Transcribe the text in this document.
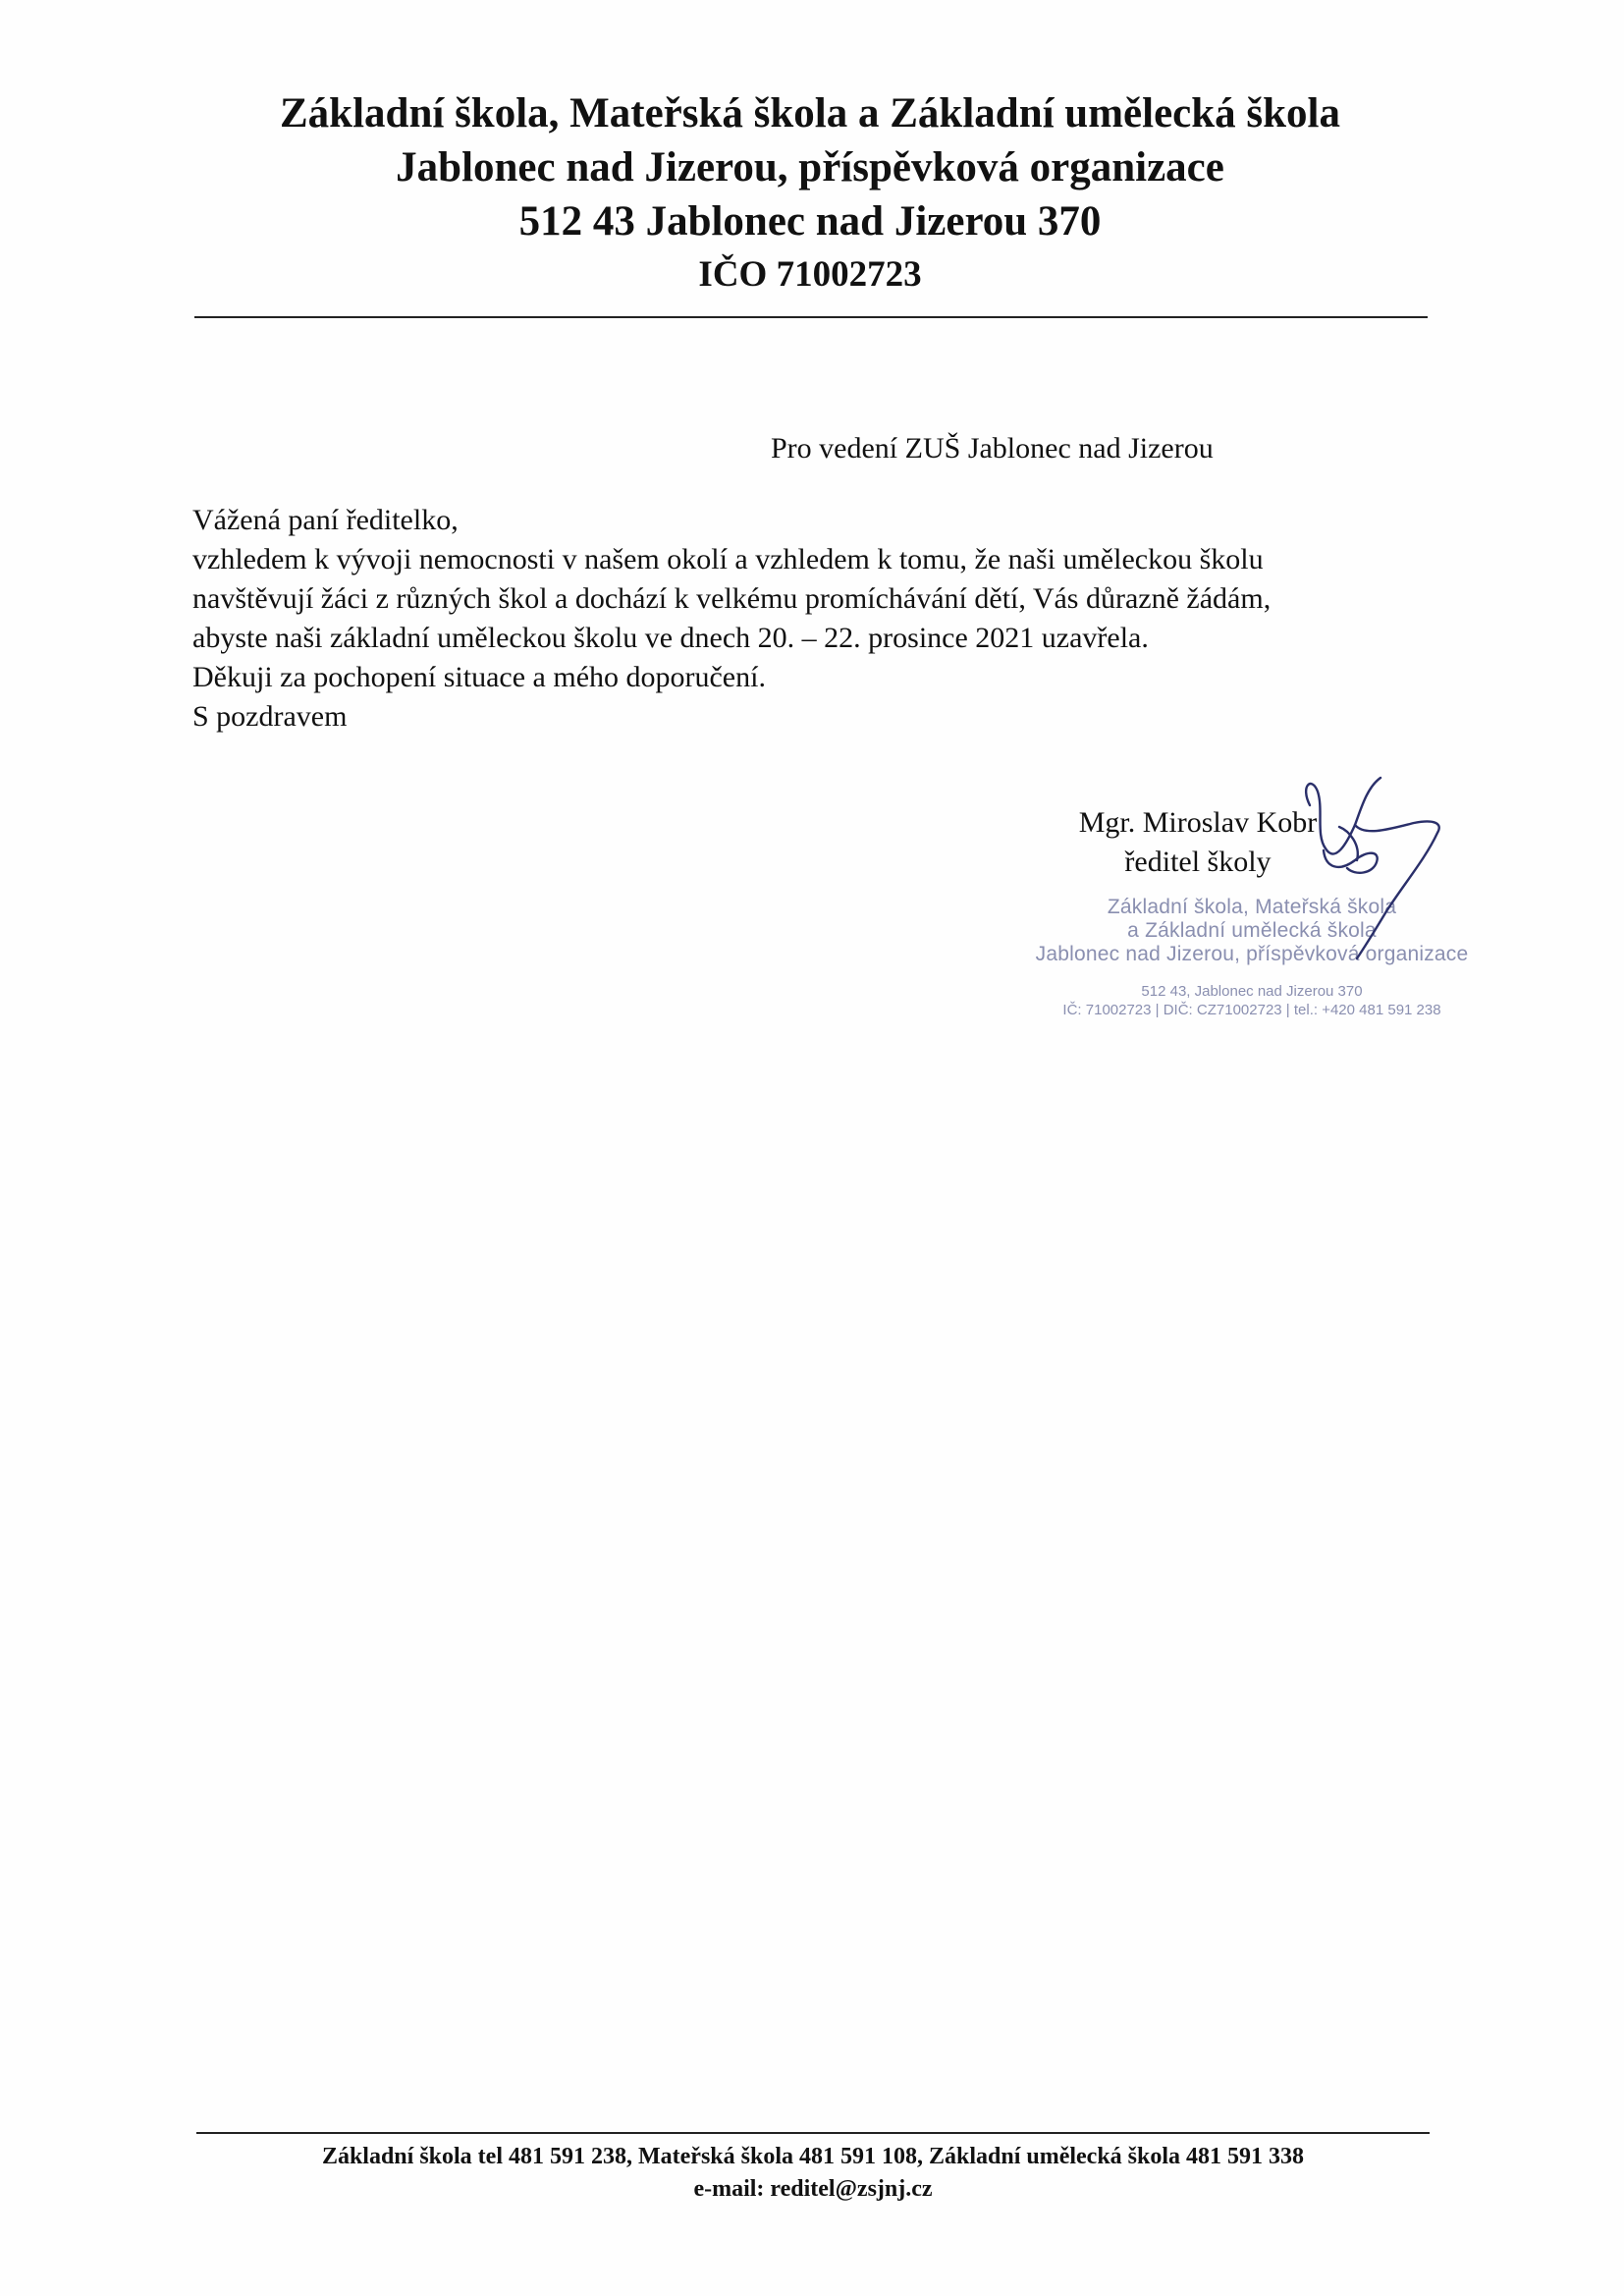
Základní škola, Mateřská škola a Základní umělecká škola
Jablonec nad Jizerou, příspěvková organizace
512 43 Jablonec nad Jizerou 370
IČO 71002723
Pro vedení ZUŠ Jablonec nad Jizerou
Vážená paní ředitelko,
vzhledem k vývoji nemocnosti v našem okolí a vzhledem k tomu, že naši uměleckou školu
navštěvují žáci z různých škol a dochází k velkému promíchávání dětí, Vás důrazně žádám,
abyste naši základní uměleckou školu ve dnech 20. – 22. prosince 2021 uzavřela.
Děkuji za pochopení situace a mého doporučení.
S pozdravem
Mgr. Miroslav Kobr
ředitel školy
Základní škola, Mateřská škola
a Základní umělecká škola
Jablonec nad Jizerou, příspěvková organizace
512 43, Jablonec nad Jizerou 370
IČ: 71002723 | DIČ: CZ71002723 | tel.: +420 481 591 238
Základní škola tel 481 591 238, Mateřská škola 481 591 108, Základní umělecká škola 481 591 338
e-mail: reditel@zsjnj.cz
